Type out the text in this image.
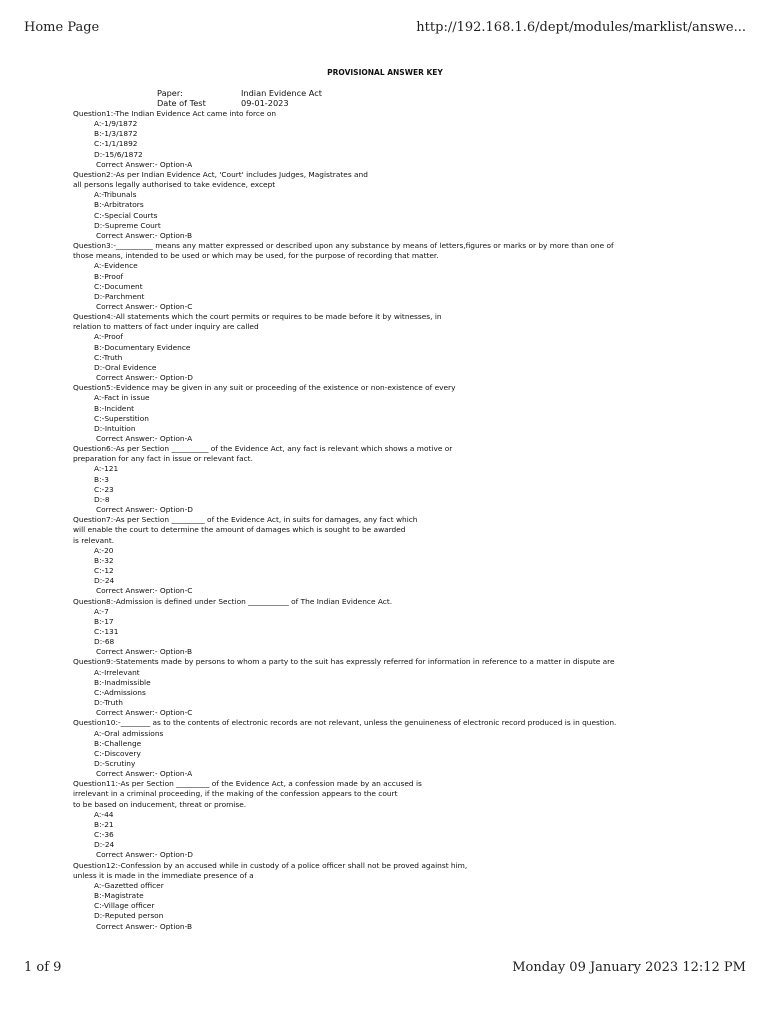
Home Page	http://192.168.1.6/dept/modules/marklist/answe...
PROVISIONAL ANSWER KEY
Paper:	Indian Evidence Act
Date of Test	09-01-2023
Question1:-The Indian Evidence Act came into force on
A:-1/9/1872
B:-1/3/1872
C:-1/1/1892
D:-15/6/1872
Correct Answer:- Option-A
Question2:-As per Indian Evidence Act, 'Court' includes Judges, Magistrates and
all persons legally authorised to take evidence, except
A:-Tribunals
B:-Arbitrators
C:-Special Courts
D:-Supreme Court
Correct Answer:- Option-B
Question3:-__________ means any matter expressed or described upon any substance by means of letters,figures or marks or by more than one of
those means, intended to be used or which may be used, for the purpose of recording that matter.
A:-Evidence
B:-Proof
C:-Document
D:-Parchment
Correct Answer:- Option-C
Question4:-All statements which the court permits or requires to be made before it by witnesses, in
relation to matters of fact under inquiry are called
A:-Proof
B:-Documentary Evidence
C:-Truth
D:-Oral Evidence
Correct Answer:- Option-D
Question5:-Evidence may be given in any suit or proceeding of the existence or non-existence of every
A:-Fact in issue
B:-Incident
C:-Superstition
D:-Intuition
Correct Answer:- Option-A
Question6:-As per Section __________ of the Evidence Act, any fact is relevant which shows a motive or
preparation for any fact in issue or relevant fact.
A:-121
B:-3
C:-23
D:-8
Correct Answer:- Option-D
Question7:-As per Section _________ of the Evidence Act, in suits for damages, any fact which
will enable the court to determine the amount of damages which is sought to be awarded
is relevant.
A:-20
B:-32
C:-12
D:-24
Correct Answer:- Option-C
Question8:-Admission is defined under Section ___________ of The Indian Evidence Act.
A:-7
B:-17
C:-131
D:-68
Correct Answer:- Option-B
Question9:-Statements made by persons to whom a party to the suit has expressly referred for information in reference to a matter in dispute are
A:-Irrelevant
B:-Inadmissible
C:-Admissions
D:-Truth
Correct Answer:- Option-C
Question10:-________ as to the contents of electronic records are not relevant, unless the genuineness of electronic record produced is in question.
A:-Oral admissions
B:-Challenge
C:-Discovery
D:-Scrutiny
Correct Answer:- Option-A
Question11:-As per Section _________ of the Evidence Act, a confession made by an accused is
irrelevant in a criminal proceeding, if the making of the confession appears to the court
to be based on inducement, threat or promise.
A:-44
B:-21
C:-36
D:-24
Correct Answer:- Option-D
Question12:-Confession by an accused while in custody of a police officer shall not be proved against him,
unless it is made in the immediate presence of a
A:-Gazetted officer
B:-Magistrate
C:-Village officer
D:-Reputed person
Correct Answer:- Option-B
1 of 9	Monday 09 January 2023 12:12 PM
